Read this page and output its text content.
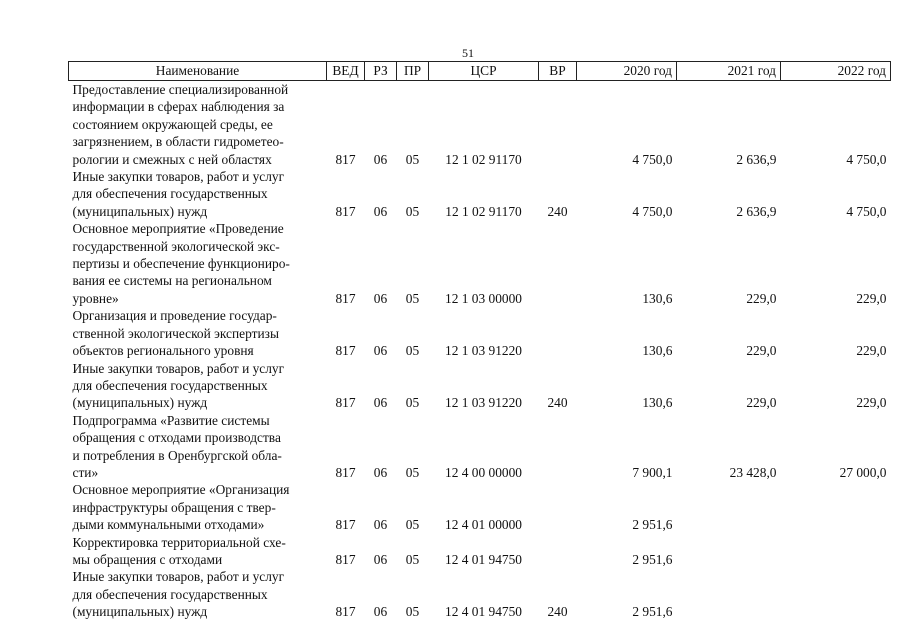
51
Наименование	ВЕД	РЗ	ПР	ЦСР	ВР	2020 год	2021 год	2022 год

Предоставление специализированной
информации в сферах наблюдения за
состоянием окружающей среды, ее
загрязнением, в области гидрометео-
рологии и смежных с ней областях	817	06	05	12 1 02 91170		4 750,0	2 636,9	4 750,0

Иные закупки товаров, работ и услуг
для обеспечения государственных
(муниципальных) нужд	817	06	05	12 1 02 91170	240	4 750,0	2 636,9	4 750,0

Основное мероприятие «Проведение
государственной экологической экс-
пертизы и обеспечение функциониро-
вания ее системы на региональном
уровне»	817	06	05	12 1 03 00000		130,6	229,0	229,0

Организация и проведение государ-
ственной экологической экспертизы
объектов регионального уровня	817	06	05	12 1 03 91220		130,6	229,0	229,0

Иные закупки товаров, работ и услуг
для обеспечения государственных
(муниципальных) нужд	817	06	05	12 1 03 91220	240	130,6	229,0	229,0

Подпрограмма «Развитие системы
обращения с отходами производства
и потребления в Оренбургской обла-
сти»	817	06	05	12 4 00 00000		7 900,1	23 428,0	27 000,0

Основное мероприятие «Организация
инфраструктуры обращения с твер-
дыми коммунальными отходами»	817	06	05	12 4 01 00000		2 951,6		

Корректировка территориальной схе-
мы обращения с отходами	817	06	05	12 4 01 94750		2 951,6		

Иные закупки товаров, работ и услуг
для обеспечения государственных
(муниципальных) нужд	817	06	05	12 4 01 94750	240	2 951,6		
